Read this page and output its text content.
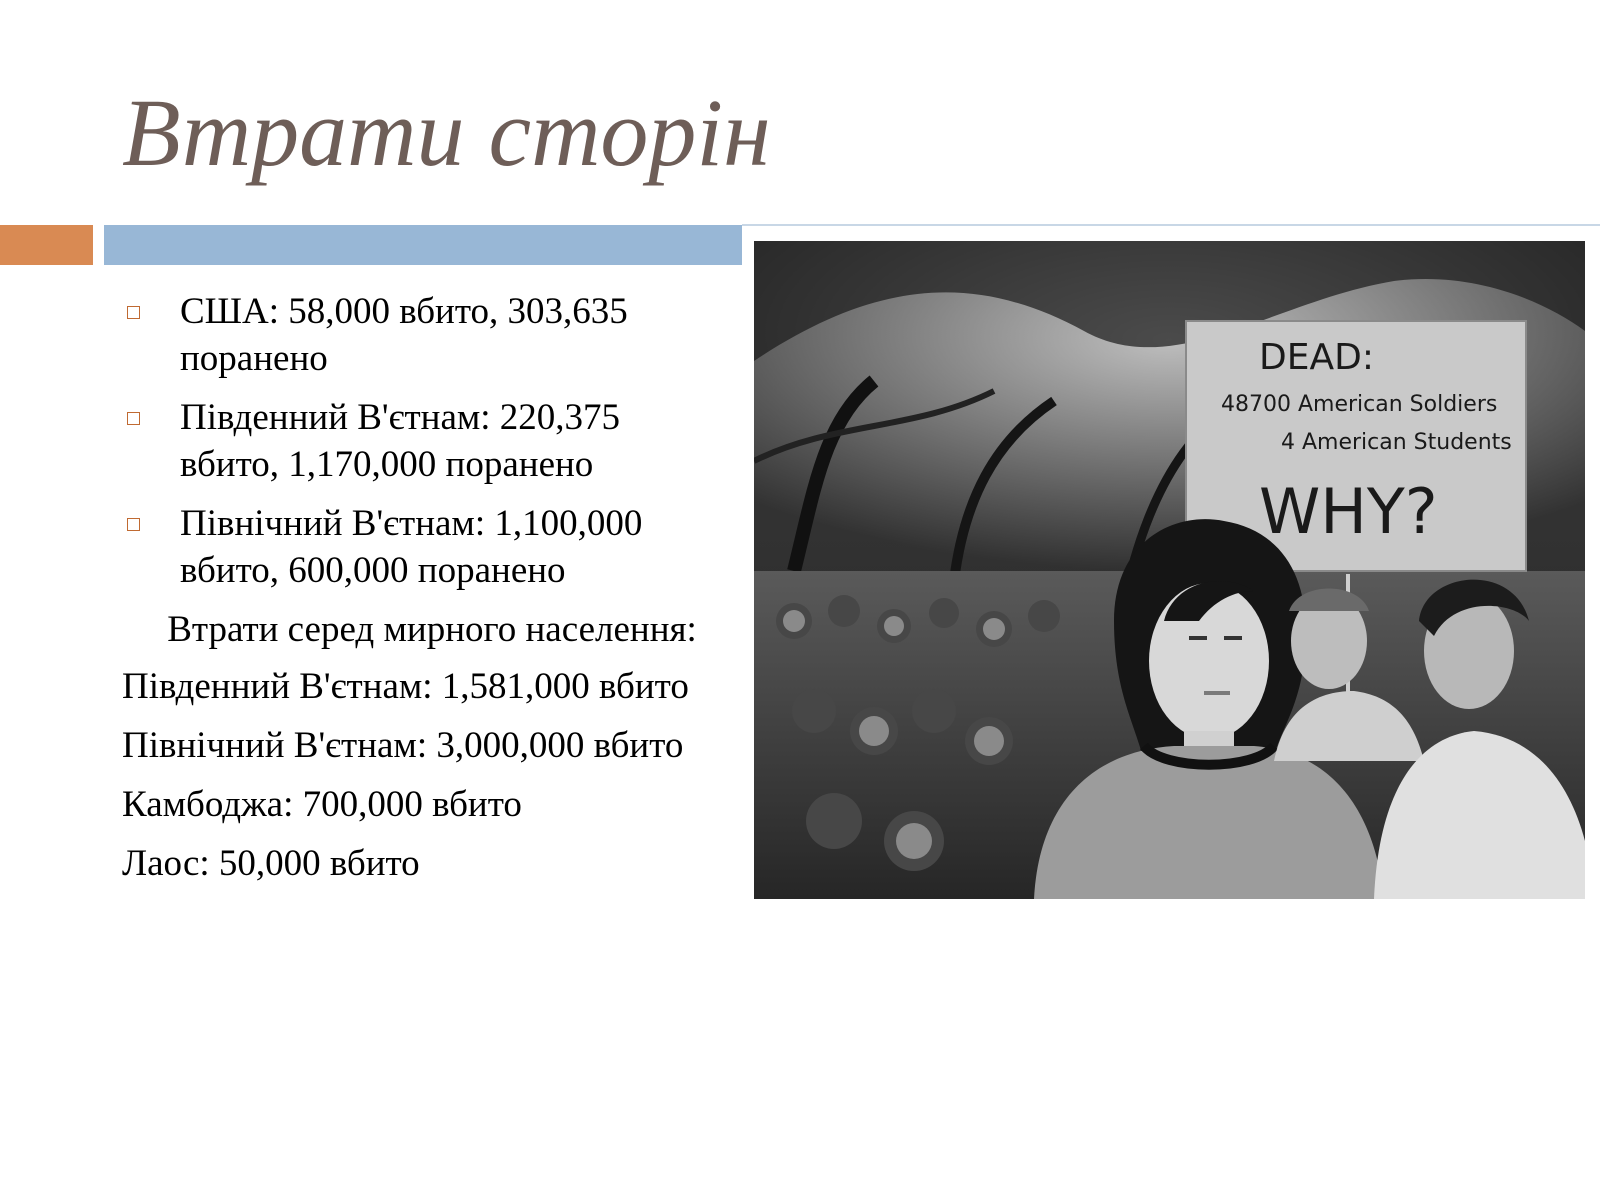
Втрати сторін
США: 58,000 вбито, 303,635 поранено
Південний В'єтнам: 220,375 вбито, 1,170,000 поранено
Північний В'єтнам: 1,100,000 вбито, 600,000 поранено
Втрати серед мирного населення:
Південний В'єтнам: 1,581,000 вбито
Північний В'єтнам: 3,000,000 вбито
Камбоджа: 700,000 вбито
Лаос: 50,000 вбито
DEAD:
48700 American Soldiers
4 American Students
WHY?
